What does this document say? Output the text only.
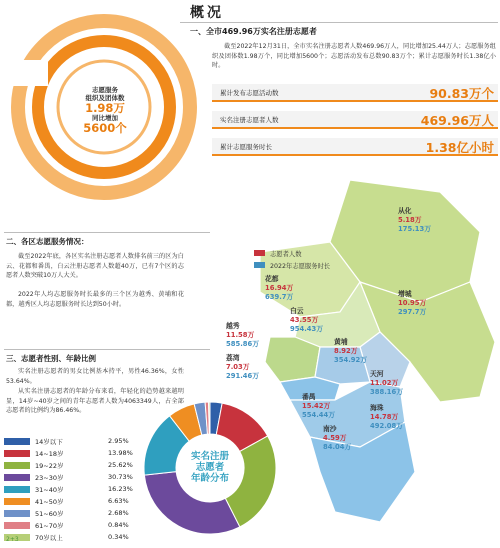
概况
志愿服务
组织及团体数
1.98万
同比增加
5600个
一、全市469.96万实名注册志愿者
截至2022年12月31日，全市实名注册志愿者人数469.96万人，同比增加25.44万人；志愿服务组织及团体数1.98万个，同比增加5600个；志愿活动发布总数90.83万个；累计志愿服务时长1.38亿小时。
累计发布志愿活动数	90.83万个
实名注册志愿者人数	469.96万人
累计志愿服务时长	1.38亿小时
志愿者人数
2022年志愿服务时长
从化
5.18万
175.13万
花都
16.94万
639.7万	增城
10.95万
297.7万
白云
43.55万
954.43万
越秀
11.58万
585.86万	黄埔
8.92万
354.92万
荔湾
7.03万
291.46万	天河
11.02万
388.16万
番禺
15.42万
554.44万
海珠
14.78万
492.08万
南沙
4.59万
84.04万
二、各区志愿服务情况：
截至2022年底，各区实名注册志愿者人数排名前三的区为白云、花都和番禺，白云注册志愿者人数超40万，已有7个区的志愿者人数突破10万人大关。
2022年人均志愿服务时长最多的三个区为越秀、黄埔和花都，越秀区人均志愿服务时长达到50小时。
三、志愿者性别、年龄比例
实名注册志愿者的男女比例基本持平，男性46.36%，女性53.64%。
从实名注册志愿者的年龄分布来看，年轻化的趋势越来越明显，14岁~40岁之间的青年志愿者人数为4063349人，占全部志愿者的比例约为86.46%。
14岁以下	2.95%
14~18岁	13.98%
19~22岁	25.62%
23~30岁	30.73%
31~40岁	16.23%
41~50岁	6.63%
51~60岁	2.68%
61~70岁	0.84%
70岁以上	0.34%
实名注册
志愿者
年龄分布
2+3
